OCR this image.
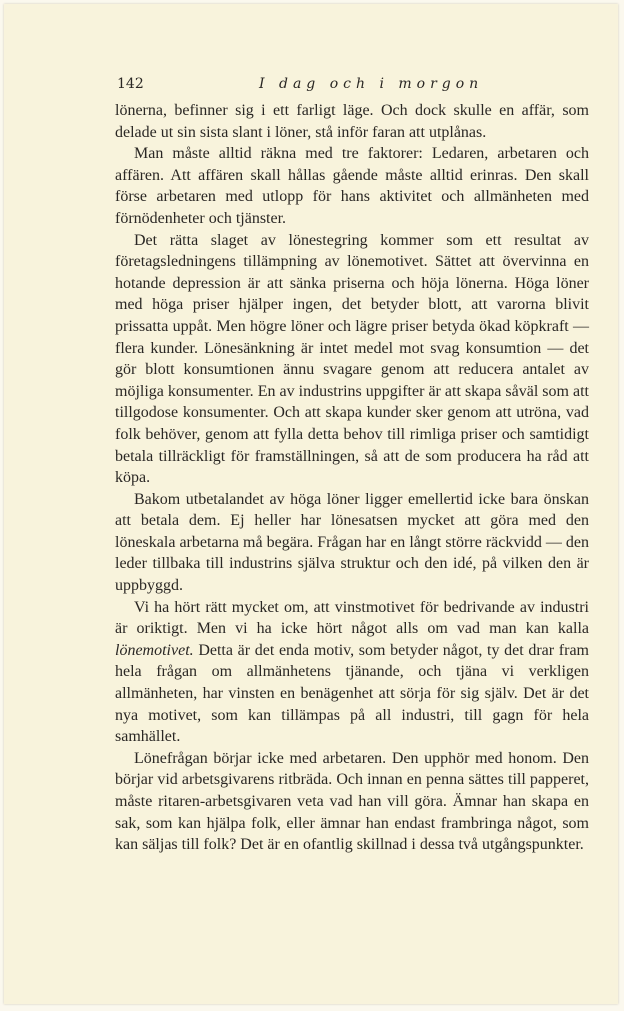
142	I dag och i morgon

lönerna, befinner sig i ett farligt läge. Och dock skulle en affär, som delade ut sin sista slant i löner, stå inför faran att utplånas.

Man måste alltid räkna med tre faktorer: Ledaren, arbetaren och affären. Att affären skall hållas gående måste alltid erinras. Den skall förse arbetaren med utlopp för hans aktivitet och allmänheten med förnödenheter och tjänster.

Det rätta slaget av lönestegring kommer som ett resultat av företagsledningens tillämpning av lönemotivet. Sättet att övervinna en hotande depression är att sänka priserna och höja lönerna. Höga löner med höga priser hjälper ingen, det betyder blott, att varorna blivit prissatta uppåt. Men högre löner och lägre priser betyda ökad köpkraft — flera kunder. Lönesänkning är intet medel mot svag konsumtion — det gör blott konsumtionen ännu svagare genom att reducera antalet av möjliga konsumenter. En av industrins uppgifter är att skapa såväl som att tillgodose konsumenter. Och att skapa kunder sker genom att utröna, vad folk behöver, genom att fylla detta behov till rimliga priser och samtidigt betala tillräckligt för framställningen, så att de som producera ha råd att köpa.

Bakom utbetalandet av höga löner ligger emellertid icke bara önskan att betala dem. Ej heller har lönesatsen mycket att göra med den löneskala arbetarna må begära. Frågan har en långt större räckvidd — den leder tillbaka till industrins själva struktur och den idé, på vilken den är uppbyggd.

Vi ha hört rätt mycket om, att vinstmotivet för bedrivande av industri är oriktigt. Men vi ha icke hört något alls om vad man kan kalla lönemotivet. Detta är det enda motiv, som betyder något, ty det drar fram hela frågan om allmänhetens tjänande, och tjäna vi verkligen allmänheten, har vinsten en benägenhet att sörja för sig själv. Det är det nya motivet, som kan tillämpas på all industri, till gagn för hela samhället.

Lönefrågan börjar icke med arbetaren. Den upphör med honom. Den börjar vid arbetsgivarens ritbräda. Och innan en penna sättes till papperet, måste ritaren-arbetsgivaren veta vad han vill göra. Ämnar han skapa en sak, som kan hjälpa folk, eller ämnar han endast frambringa något, som kan säljas till folk? Det är en ofantlig skillnad i dessa två utgångspunkter.
